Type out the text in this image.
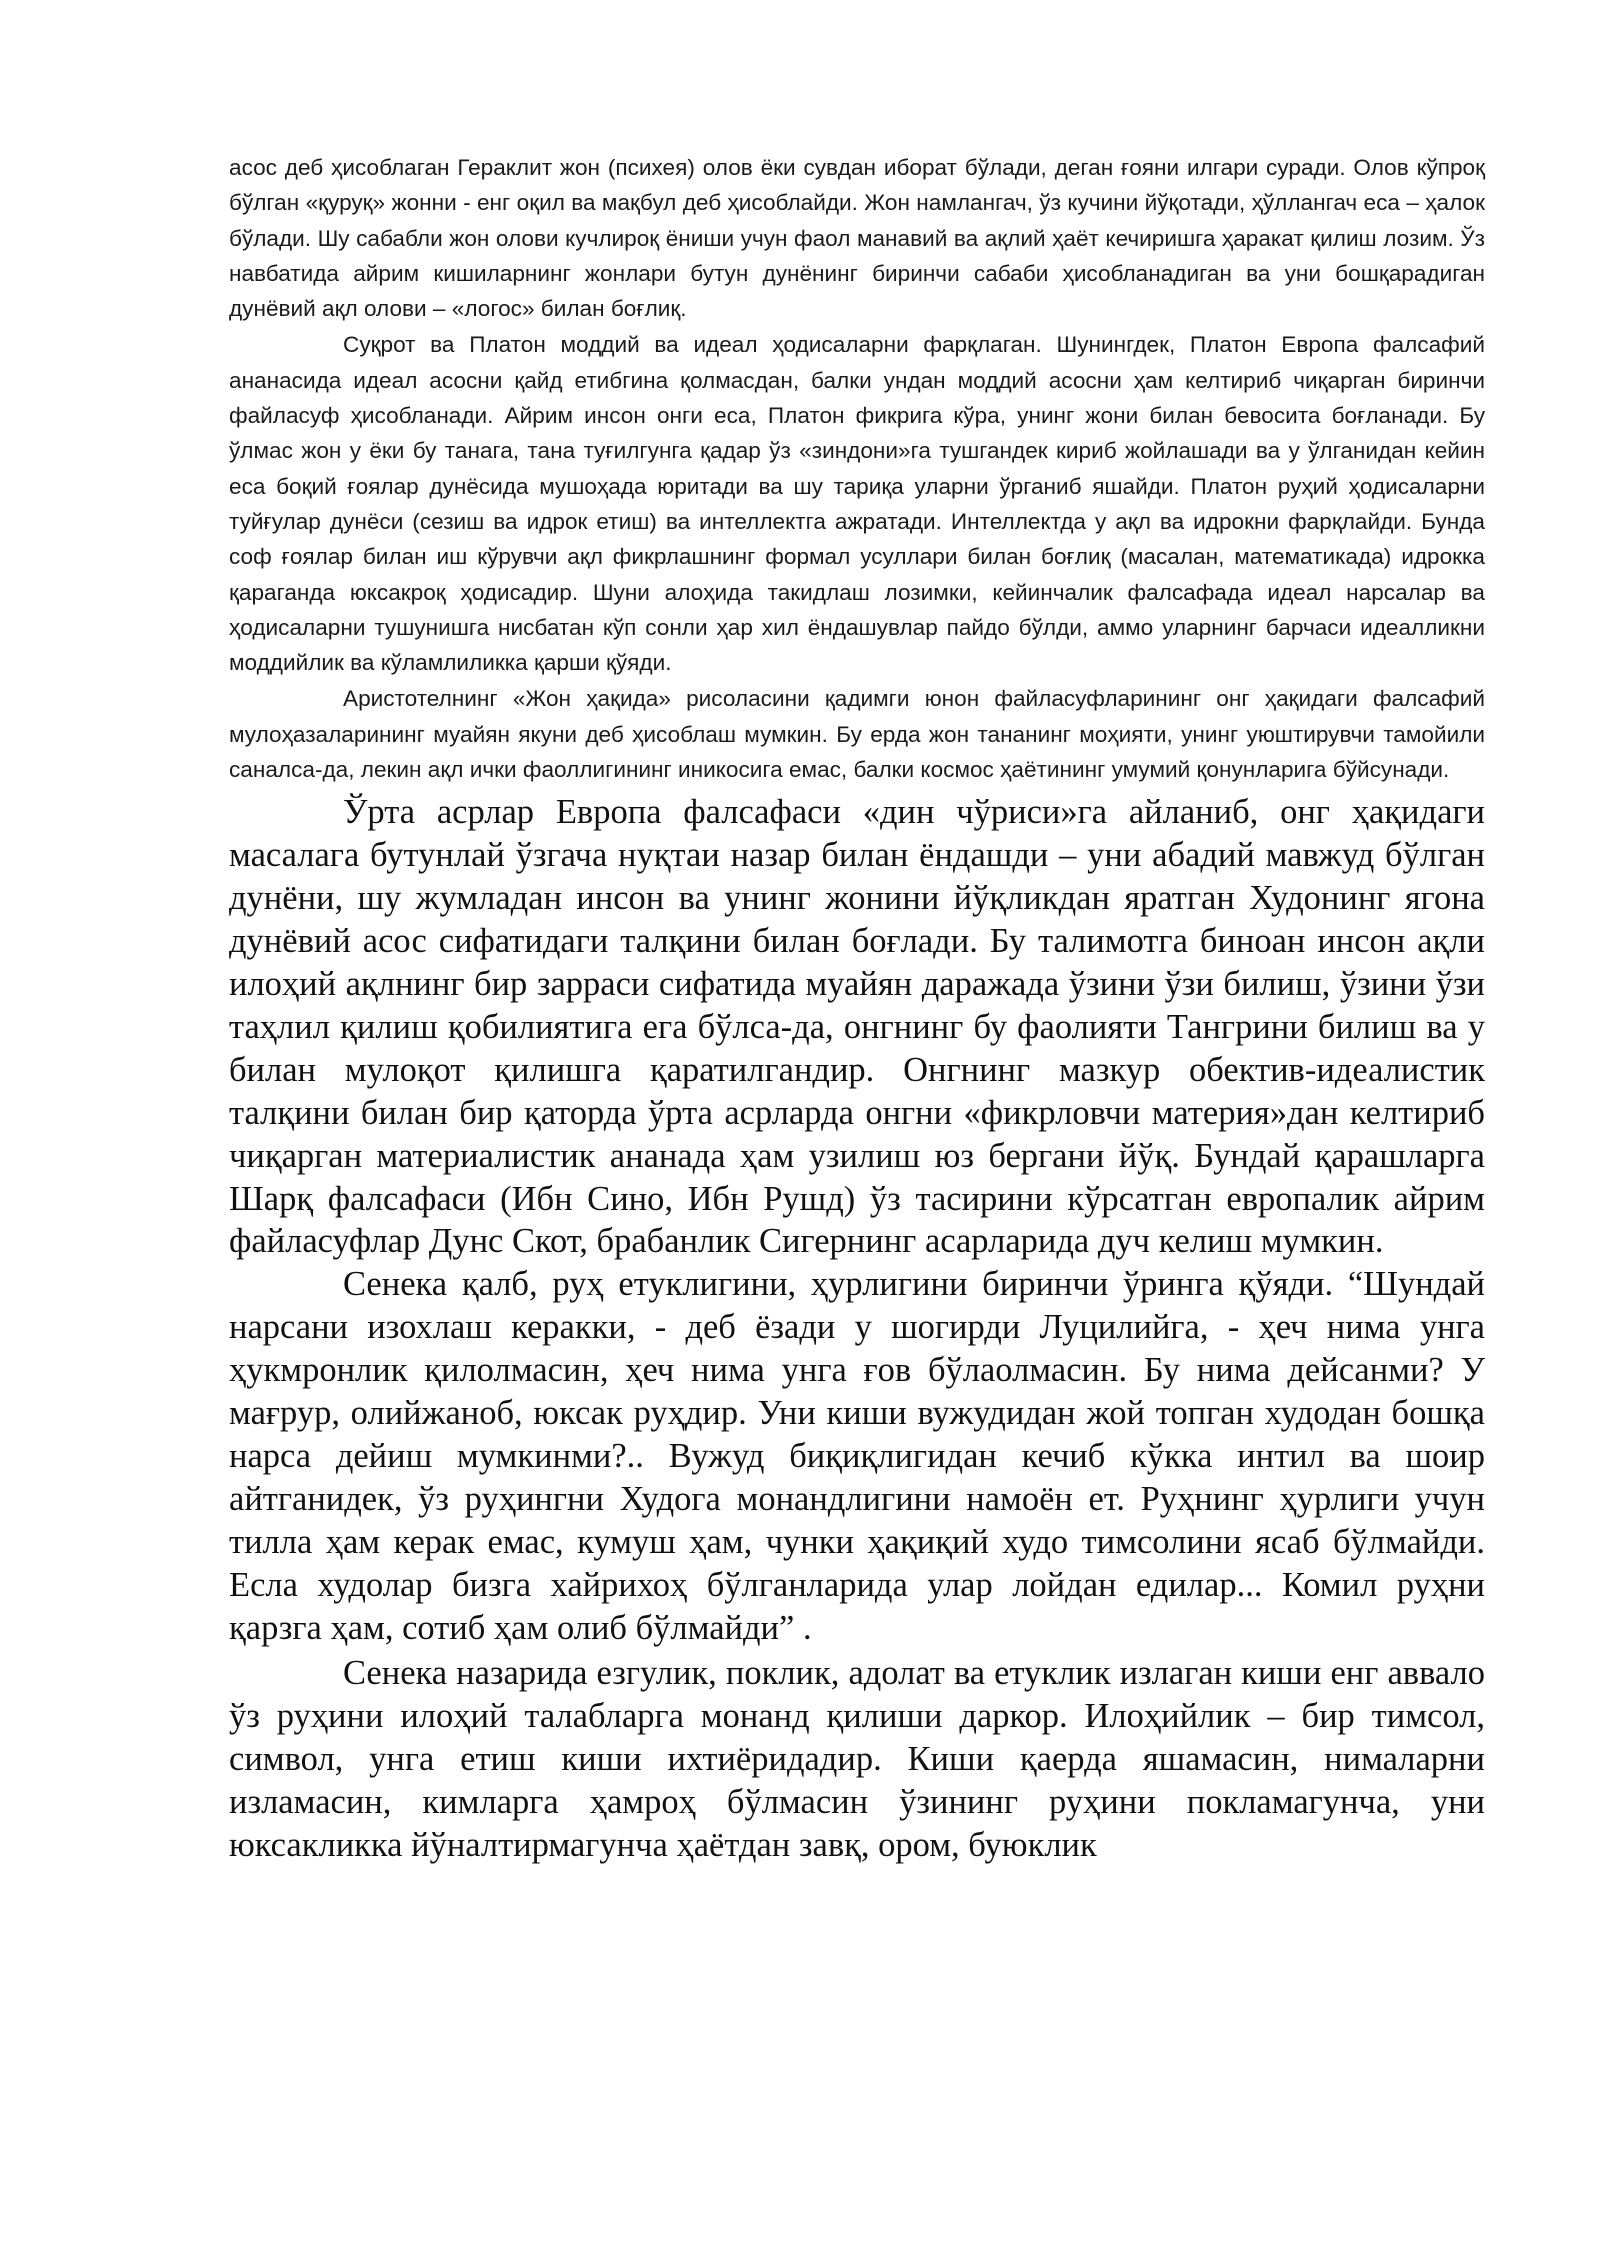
асос деб ҳисоблаган Гераклит жон (психея) олов ёки сувдан иборат бўлади, деган ғояни илгари суради. Олов кўпроқ бўлган «қуруқ» жонни - енг оқил ва мақбул деб ҳисоблайди. Жон намлангач, ўз кучини йўқотади, ҳўллангач еса – ҳалок бўлади. Шу сабабли жон олови кучлироқ ёниши учун фаол манавий ва ақлий ҳаёт кечиришга ҳаракат қилиш лозим. Ўз навбатида айрим кишиларнинг жонлари бутун дунёнинг биринчи сабаби ҳисобланадиган ва уни бошқарадиган дунёвий ақл олови – «логос» билан боғлиқ.

Суқрот ва Платон моддий ва идеал ҳодисаларни фарқлаган. Шунингдек, Платон Европа фалсафий ананасида идеал асосни қайд етибгина қолмасдан, балки ундан моддий асосни ҳам келтириб чиқарган биринчи файласуф ҳисобланади. Айрим инсон онги еса, Платон фикрига кўра, унинг жони билан бевосита боғланади. Бу ўлмас жон у ёки бу танага, тана туғилгунга қадар ўз «зиндони»га тушгандек кириб жойлашади ва у ўлганидан кейин еса боқий ғоялар дунёсида мушоҳада юритади ва шу тариқа уларни ўрганиб яшайди. Платон руҳий ҳодисаларни туйғулар дунёси (сезиш ва идрок етиш) ва интеллектга ажратади. Интеллектда у ақл ва идрокни фарқлайди. Бунда соф ғоялар билан иш кўрувчи ақл фикрлашнинг формал усуллари билан боғлиқ (масалан, математикада) идрокка қараганда юксакроқ ҳодисадир. Шуни алоҳида такидлаш лозимки, кейинчалик фалсафада идеал нарсалар ва ҳодисаларни тушунишга нисбатан кўп сонли ҳар хил ёндашувлар пайдо бўлди, аммо уларнинг барчаси идеалликни моддийлик ва кўламлиликка қарши қўяди.

Аристотелнинг «Жон ҳақида» рисоласини қадимги юнон файласуфларининг онг ҳақидаги фалсафий мулоҳазаларининг муайян якуни деб ҳисоблаш мумкин. Бу ерда жон тананинг моҳияти, унинг уюштирувчи тамойили саналса-да, лекин ақл ички фаоллигининг иникосига емас, балки космос ҳаётининг умумий қонунларига бўйсунади.

Ўрта асрлар Европа фалсафаси «дин чўриси»га айланиб, онг ҳақидаги масалага бутунлай ўзгача нуқтаи назар билан ёндашди – уни абадий мавжуд бўлган дунёни, шу жумладан инсон ва унинг жонини йўқликдан яратган Худонинг ягона дунёвий асос сифатидаги талқини билан боғлади. Бу талимотга биноан инсон ақли илоҳий ақлнинг бир зарраси сифатида муайян даражада ўзини ўзи билиш, ўзини ўзи таҳлил қилиш қобилиятига ега бўлса-да, онгнинг бу фаолияти Тангрини билиш ва у билан мулоқот қилишга қаратилгандир. Онгнинг мазкур обектив-идеалистик талқини билан бир қаторда ўрта асрларда онгни «фикрловчи материя»дан келтириб чиқарган материалистик ананада ҳам узилиш юз бергани йўқ. Бундай қарашларга Шарқ фалсафаси (Ибн Сино, Ибн Рушд) ўз тасирини кўрсатган европалик айрим файласуфлар Дунс Скот, брабанлик Сигернинг асарларида дуч келиш мумкин.

Сенека қалб, руҳ етуклигини, ҳурлигини биринчи ўринга қўяди. “Шундай нарсани изохлаш керакки, - деб ёзади у шогирди Луцилийга, - ҳеч нима унга ҳукмронлик қилолмасин, ҳеч нима унга ғов бўлаолмасин. Бу нима дейсанми? У мағрур, олийжаноб, юксак руҳдир. Уни киши вужудидан жой топган худодан бошқа нарса дейиш мумкинми?.. Вужуд биқиқлигидан кечиб кўкка интил ва шоир айтганидек, ўз руҳингни Худога монандлигини намоён ет. Руҳнинг ҳурлиги учун тилла ҳам керак емас, кумуш ҳам, чунки ҳақиқий худо тимсолини ясаб бўлмайди. Есла худолар бизга хайрихоҳ бўлганларида улар лойдан едилар... Комил руҳни қарзга ҳам, сотиб ҳам олиб бўлмайди” .

Сенека назарида езгулик, поклик, адолат ва етуклик излаган киши енг аввало ўз руҳини илоҳий талабларга монанд қилиши даркор. Илоҳийлик – бир тимсол, символ, унга етиш киши ихтиёридадир. Киши қаерда яшамасин, нималарни изламасин, кимларга ҳамроҳ бўлмасин ўзининг руҳини покламагунча, уни юксакликка йўналтирмагунча ҳаётдан завқ, ором, буюклик
